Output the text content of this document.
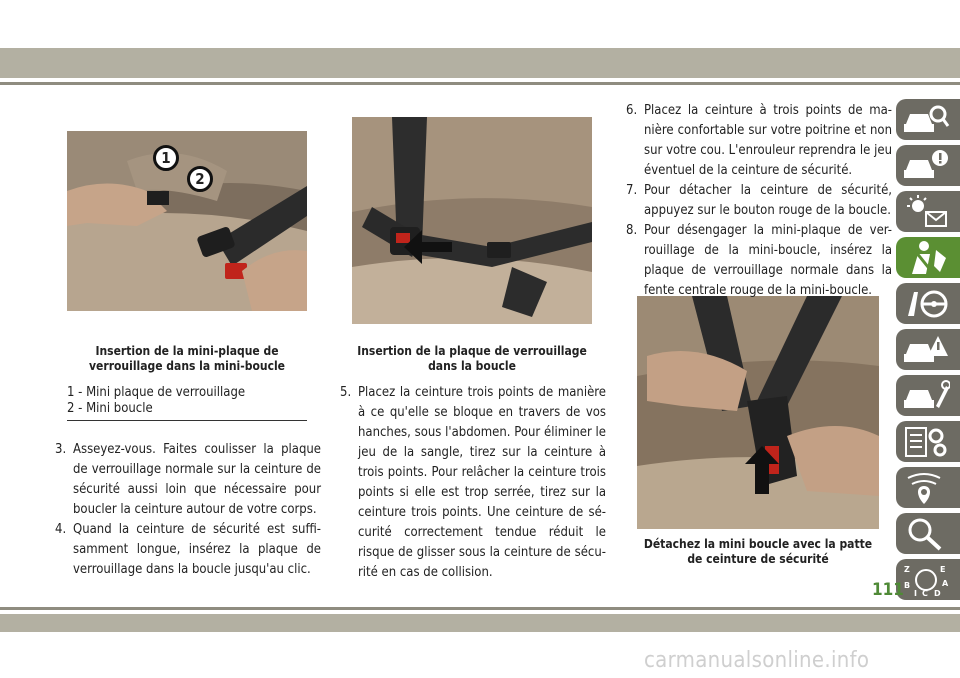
1
2
Insertion de la mini-plaque de verrouillage dans la mini-boucle
1 - Mini plaque de verrouillage
2 - Mini boucle
Insertion de la plaque de verrouillage dans la boucle
Détachez la mini boucle avec la patte de ceinture de sécurité
3. Asseyez-vous. Faites coulisser la plaque de verrouillage normale sur la ceinture de sécurité aussi loin que nécessaire pour boucler la ceinture autour de votre corps.
4. Quand la ceinture de sécurité est suffi-samment longue, insérez la plaque de verrouillage dans la boucle jusqu'au clic.
5. Placez la ceinture trois points de manière à ce qu'elle se bloque en travers de vos hanches, sous l'abdomen. Pour éliminer le jeu de la sangle, tirez sur la ceinture à trois points. Pour relâcher la ceinture trois points si elle est trop serrée, tirez sur la ceinture trois points. Une ceinture de sé-curité correctement tendue réduit le risque de glisser sous la ceinture de sécu-rité en cas de collision.
6. Placez la ceinture à trois points de ma-nière confortable sur votre poitrine et non sur votre cou. L'enrouleur reprendra le jeu éventuel de la ceinture de sécurité.
7. Pour détacher la ceinture de sécurité, appuyez sur le bouton rouge de la boucle.
8. Pour désengager la mini-plaque de ver-rouillage de la mini-boucle, insérez la plaque de verrouillage normale dans la fente centrale rouge de la mini-boucle.
Z	E
B	A
I D
C
111
carmanualsonline.info
